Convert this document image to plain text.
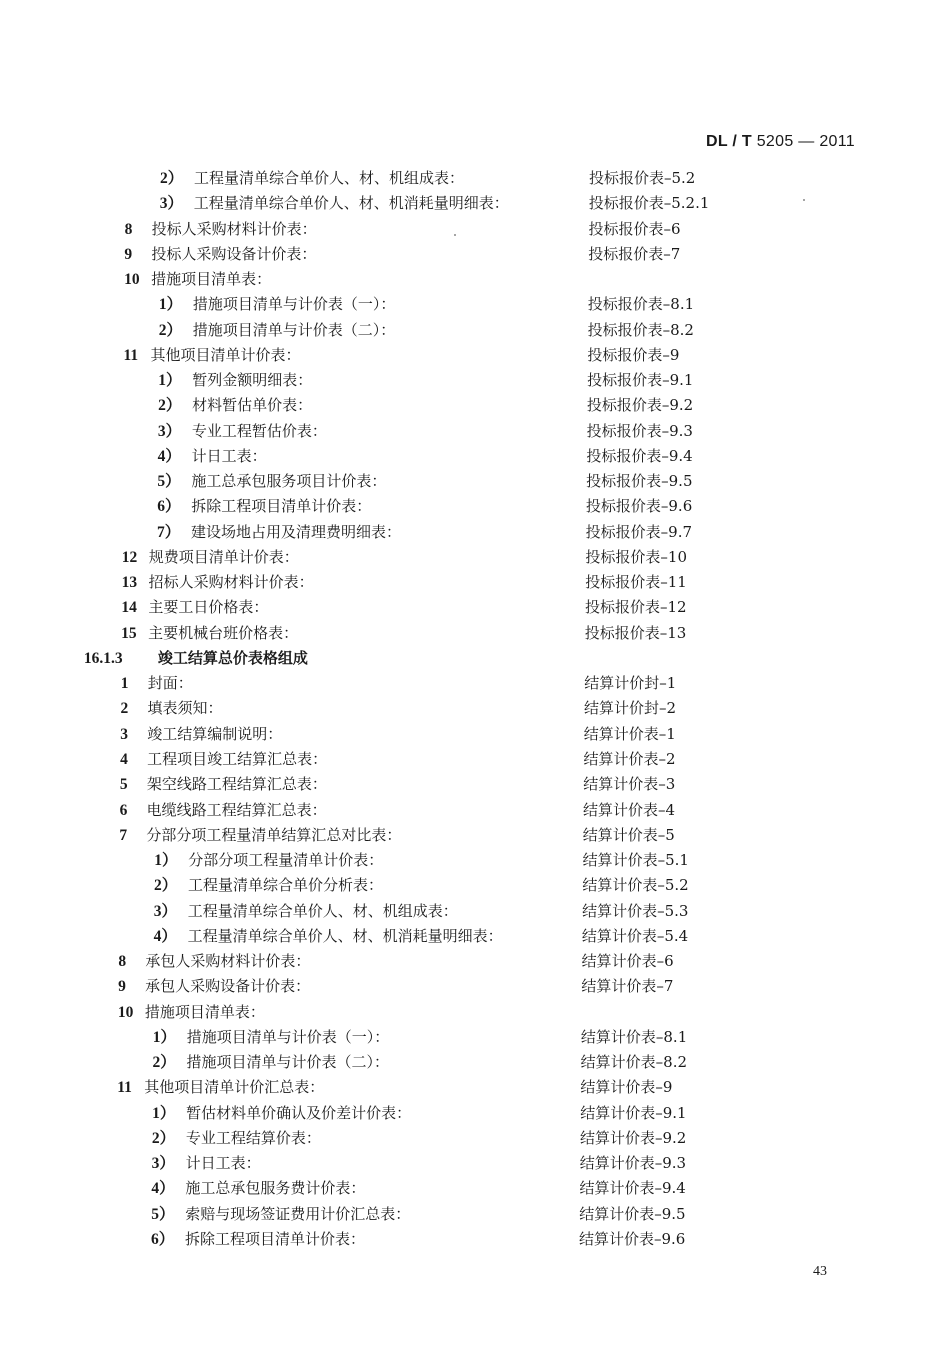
DL / T 5205 — 2011
2） 工程量清单综合单价人、材、机组成表：	投标报价表–5.2
3） 工程量清单综合单价人、材、机消耗量明细表：	投标报价表–5.2.1
8 投标人采购材料计价表：	投标报价表–6
9 投标人采购设备计价表：	投标报价表–7
10 措施项目清单表：
1） 措施项目清单与计价表（一）：	投标报价表–8.1
2） 措施项目清单与计价表（二）：	投标报价表–8.2
11 其他项目清单计价表：	投标报价表–9
1） 暂列金额明细表：	投标报价表–9.1
2） 材料暂估单价表：	投标报价表–9.2
3） 专业工程暂估价表：	投标报价表–9.3
4） 计日工表：	投标报价表–9.4
5） 施工总承包服务项目计价表：	投标报价表–9.5
6） 拆除工程项目清单计价表：	投标报价表–9.6
7） 建设场地占用及清理费明细表：	投标报价表–9.7
12 规费项目清单计价表：	投标报价表–10
13 招标人采购材料计价表：	投标报价表–11
14 主要工日价格表：	投标报价表–12
15 主要机械台班价格表：	投标报价表–13
16.1.3 竣工结算总价表格组成
1 封面：	结算计价封–1
2 填表须知：	结算计价封–2
3 竣工结算编制说明：	结算计价表–1
4 工程项目竣工结算汇总表：	结算计价表–2
5 架空线路工程结算汇总表：	结算计价表–3
6 电缆线路工程结算汇总表：	结算计价表–4
7 分部分项工程量清单结算汇总对比表：	结算计价表–5
1） 分部分项工程量清单计价表：	结算计价表–5.1
2） 工程量清单综合单价分析表：	结算计价表–5.2
3） 工程量清单综合单价人、材、机组成表：	结算计价表–5.3
4） 工程量清单综合单价人、材、机消耗量明细表：	结算计价表–5.4
8 承包人采购材料计价表：	结算计价表–6
9 承包人采购设备计价表：	结算计价表–7
10 措施项目清单表：
1） 措施项目清单与计价表（一）：	结算计价表–8.1
2） 措施项目清单与计价表（二）：	结算计价表–8.2
11 其他项目清单计价汇总表：	结算计价表–9
1） 暂估材料单价确认及价差计价表：	结算计价表–9.1
2） 专业工程结算价表：	结算计价表–9.2
3） 计日工表：	结算计价表–9.3
4） 施工总承包服务费计价表：	结算计价表–9.4
5） 索赔与现场签证费用计价汇总表：	结算计价表–9.5
6） 拆除工程项目清单计价表：	结算计价表–9.6
43
